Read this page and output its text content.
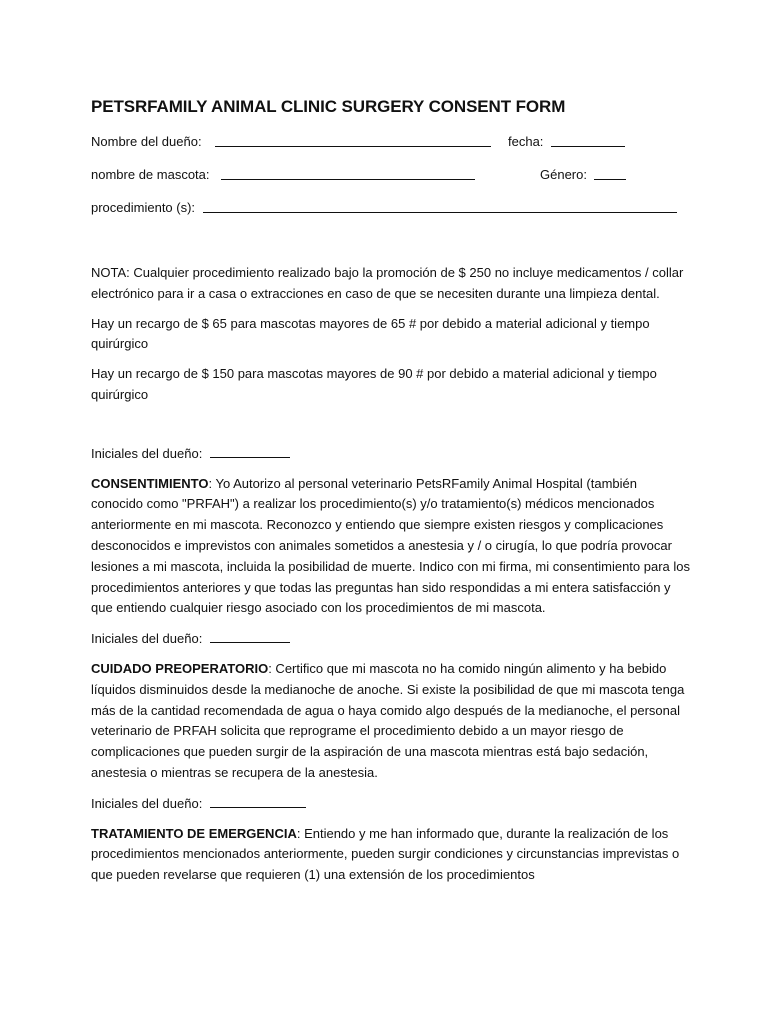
PETSRFAMILY ANIMAL CLINIC SURGERY CONSENT FORM
Nombre del dueño:	fecha:
nombre de mascota:	Género:
procedimiento (s):

NOTA: Cualquier procedimiento realizado bajo la promoción de $ 250 no incluye medicamentos / collar electrónico para ir a casa o extracciones en caso de que se necesiten durante una limpieza dental.

Hay un recargo de $ 65 para mascotas mayores de 65 # por debido a material adicional y tiempo quirúrgico

Hay un recargo de $ 150 para mascotas mayores de 90 # por debido a material adicional y tiempo quirúrgico

Iniciales del dueño:

CONSENTIMIENTO: Yo Autorizo al personal veterinario PetsRFamily Animal Hospital (también conocido como "PRFAH") a realizar los procedimiento(s) y/o tratamiento(s) médicos mencionados anteriormente en mi mascota. Reconozco y entiendo que siempre existen riesgos y complicaciones desconocidos e imprevistos con animales sometidos a anestesia y / o cirugía, lo que podría provocar lesiones a mi mascota, incluida la posibilidad de muerte. Indico con mi firma, mi consentimiento para los procedimientos anteriores y que todas las preguntas han sido respondidas a mi entera satisfacción y que entiendo cualquier riesgo asociado con los procedimientos de mi mascota.

Iniciales del dueño:

CUIDADO PREOPERATORIO: Certifico que mi mascota no ha comido ningún alimento y ha bebido líquidos disminuidos desde la medianoche de anoche. Si existe la posibilidad de que mi mascota tenga más de la cantidad recomendada de agua o haya comido algo después de la medianoche, el personal veterinario de PRFAH solicita que reprograme el procedimiento debido a un mayor riesgo de complicaciones que pueden surgir de la aspiración de una mascota mientras está bajo sedación, anestesia o mientras se recupera de la anestesia.

Iniciales del dueño:

TRATAMIENTO DE EMERGENCIA: Entiendo y me han informado que, durante la realización de los procedimientos mencionados anteriormente, pueden surgir condiciones y circunstancias imprevistas o que pueden revelarse que requieren (1) una extensión de los procedimientos
